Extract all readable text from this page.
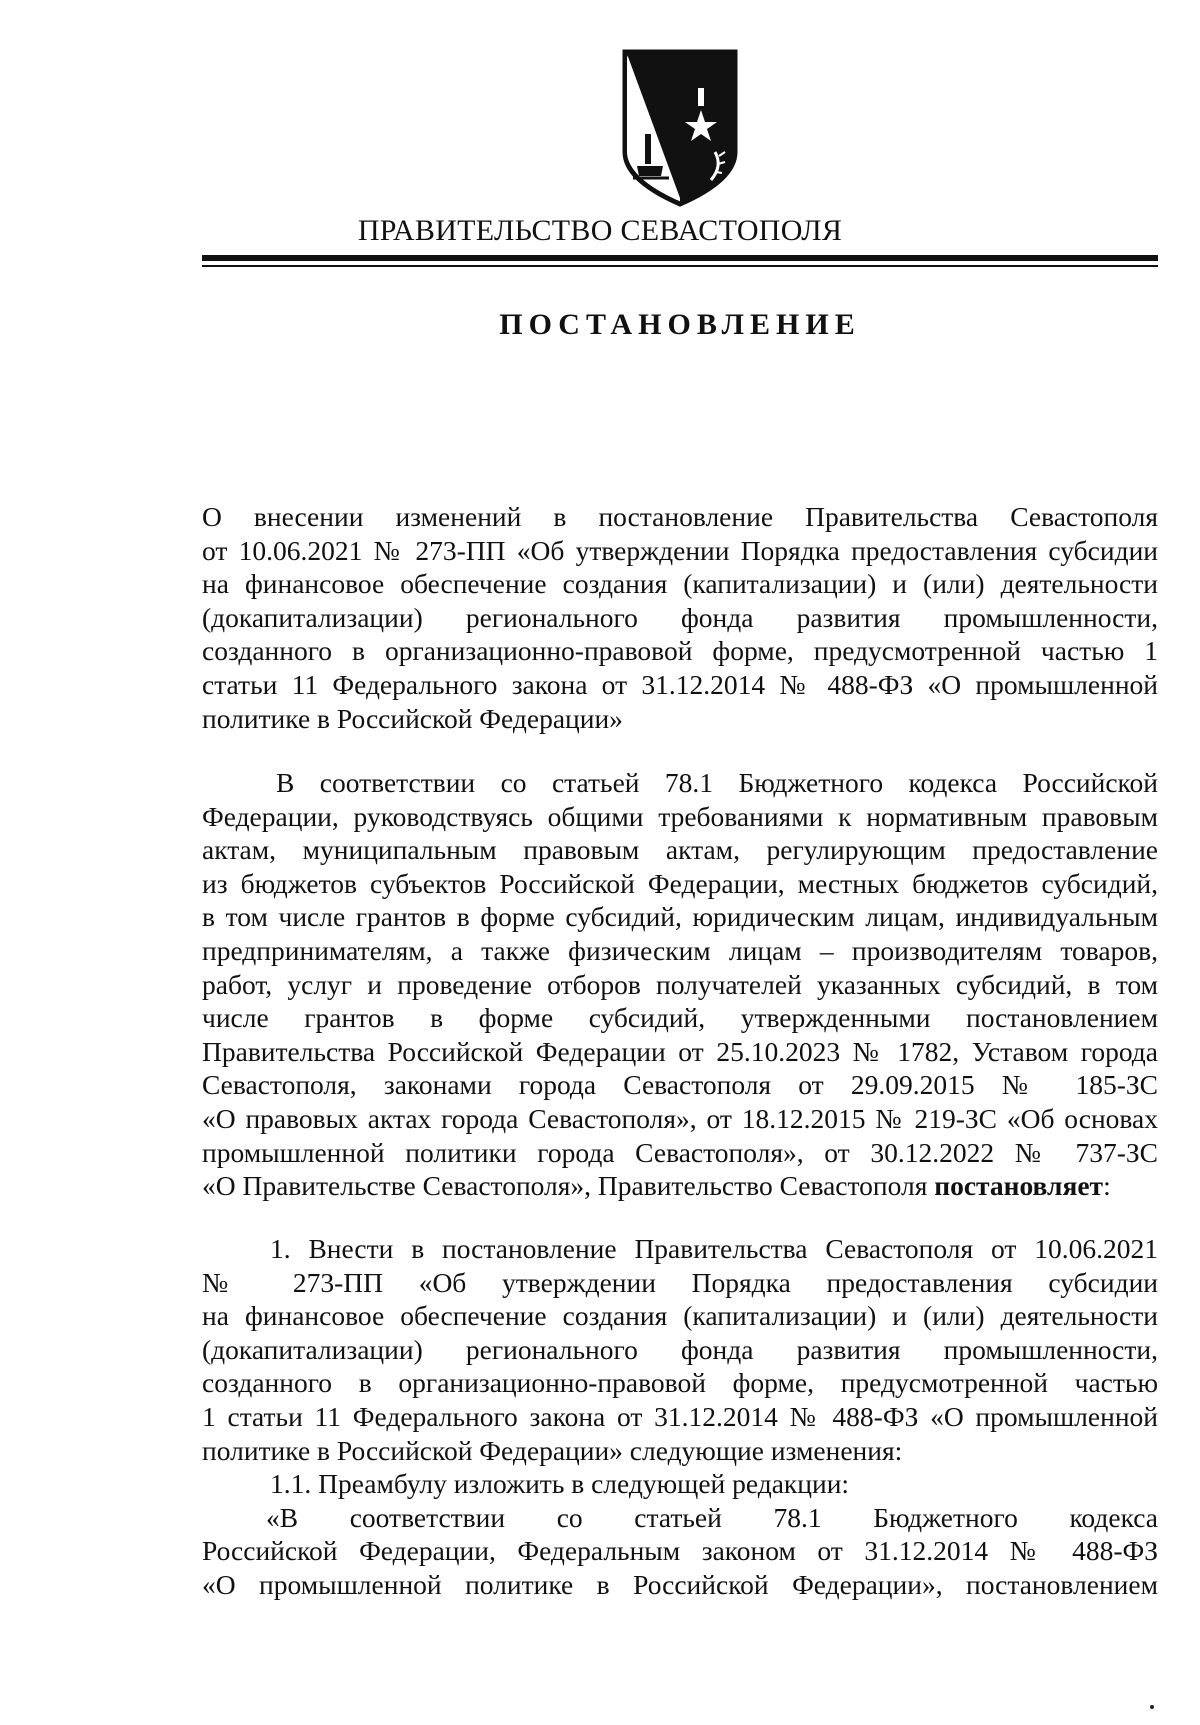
ПРАВИТЕЛЬСТВО СЕВАСТОПОЛЯ
ПОСТАНОВЛЕНИЕ
О внесении изменений в постановление Правительства Севастополя
от 10.06.2021 № 273-ПП «Об утверждении Порядка предоставления субсидии
на финансовое обеспечение создания (капитализации) и (или) деятельности
(докапитализации) регионального фонда развития промышленности,
созданного в организационно-правовой форме, предусмотренной частью 1
статьи 11 Федерального закона от 31.12.2014 № 488-ФЗ «О промышленной
политике в Российской Федерации»
В соответствии со статьей 78.1 Бюджетного кодекса Российской
Федерации, руководствуясь общими требованиями к нормативным правовым
актам, муниципальным правовым актам, регулирующим предоставление
из бюджетов субъектов Российской Федерации, местных бюджетов субсидий,
в том числе грантов в форме субсидий, юридическим лицам, индивидуальным
предпринимателям, а также физическим лицам – производителям товаров,
работ, услуг и проведение отборов получателей указанных субсидий, в том
числе грантов в форме субсидий, утвержденными постановлением
Правительства Российской Федерации от 25.10.2023 № 1782, Уставом города
Севастополя, законами города Севастополя от 29.09.2015 № 185-ЗС
«О правовых актах города Севастополя», от 18.12.2015 № 219-ЗС «Об основах
промышленной политики города Севастополя», от 30.12.2022 № 737-ЗС
«О Правительстве Севастополя», Правительство Севастополя постановляет:
1. Внести в постановление Правительства Севастополя от 10.06.2021
№ 273-ПП «Об утверждении Порядка предоставления субсидии
на финансовое обеспечение создания (капитализации) и (или) деятельности
(докапитализации) регионального фонда развития промышленности,
созданного в организационно-правовой форме, предусмотренной частью
1 статьи 11 Федерального закона от 31.12.2014 № 488-ФЗ «О промышленной
политике в Российской Федерации» следующие изменения:
1.1. Преамбулу изложить в следующей редакции:
«В соответствии со статьей 78.1 Бюджетного кодекса
Российской Федерации, Федеральным законом от 31.12.2014 № 488-ФЗ
«О промышленной политике в Российской Федерации», постановлением
